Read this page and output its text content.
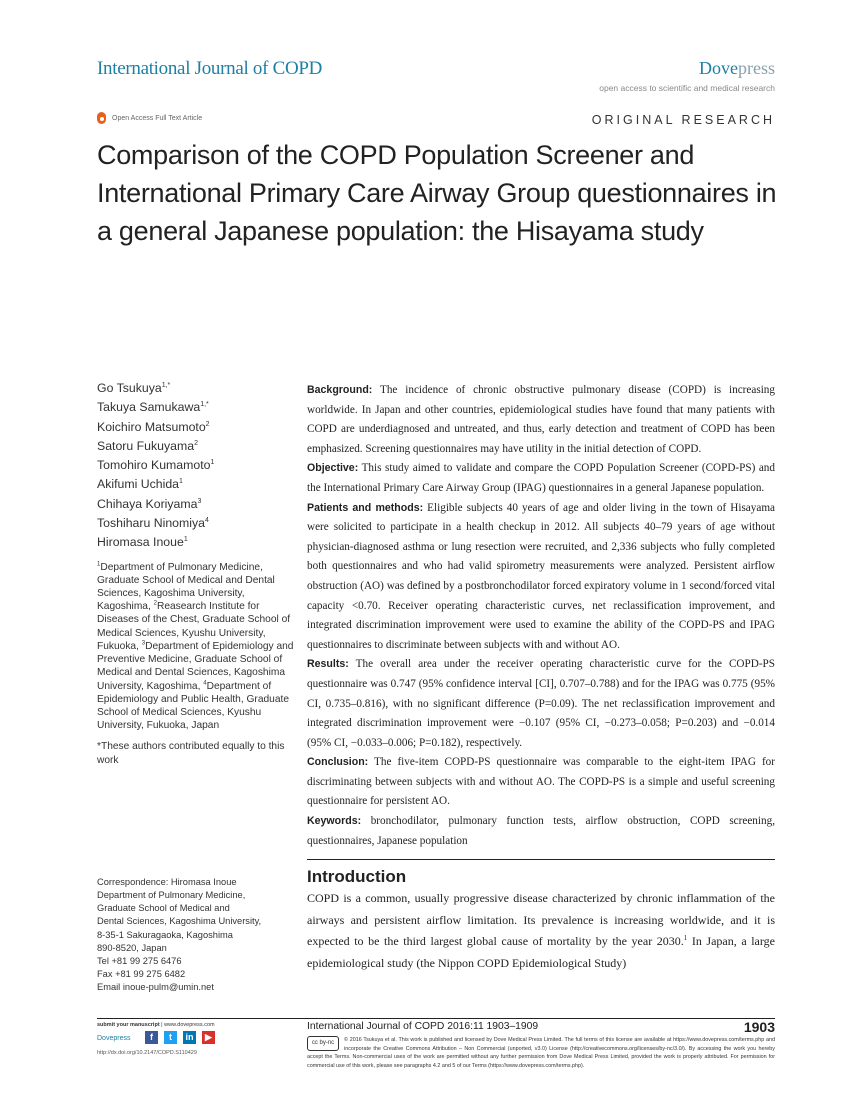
International Journal of COPD	Dovepress
open access to scientific and medical research
Open Access Full Text Article	ORIGINAL RESEARCH
Comparison of the COPD Population Screener and International Primary Care Airway Group questionnaires in a general Japanese population: the Hisayama study
Go Tsukuya$^{1,*}$
Takuya Samukawa$^{1,*}$
Koichiro Matsumoto$^2$
Satoru Fukuyama$^2$
Tomohiro Kumamoto$^1$
Akifumi Uchida$^1$
Chihaya Koriyama$^3$
Toshiharu Ninomiya$^4$
Hiromasa Inoue$^1$
$^1$Department of Pulmonary Medicine, Graduate School of Medical and Dental Sciences, Kagoshima University, Kagoshima, $^2$Reasearch Institute for Diseases of the Chest, Graduate School of Medical Sciences, Kyushu University, Fukuoka, $^3$Department of Epidemiology and Preventive Medicine, Graduate School of Medical and Dental Sciences, Kagoshima University, Kagoshima, $^4$Department of Epidemiology and Public Health, Graduate School of Medical Sciences, Kyushu University, Fukuoka, Japan
*These authors contributed equally to this work
Correspondence: Hiromasa Inoue
Department of Pulmonary Medicine,
Graduate School of Medical and
Dental Sciences, Kagoshima University,
8-35-1 Sakuragaoka, Kagoshima
890-8520, Japan
Tel +81 99 275 6476
Fax +81 99 275 6482
Email inoue-pulm@umin.net

Background: The incidence of chronic obstructive pulmonary disease (COPD) is increasing worldwide. In Japan and other countries, epidemiological studies have found that many patients with COPD are underdiagnosed and untreated, and thus, early detection and treatment of COPD has been emphasized. Screening questionnaires may have utility in the initial detection of COPD.

Objective: This study aimed to validate and compare the COPD Population Screener (COPD-PS) and the International Primary Care Airway Group (IPAG) questionnaires in a general Japanese population.

Patients and methods: Eligible subjects 40 years of age and older living in the town of Hisayama were solicited to participate in a health checkup in 2012. All subjects 40–79 years of age without physician-diagnosed asthma or lung resection were recruited, and 2,336 subjects who fully completed both questionnaires and who had valid spirometry measurements were analyzed. Persistent airflow obstruction (AO) was defined by a postbronchodilator forced expiratory volume in 1 second/forced vital capacity <0.70. Receiver operating characteristic curves, net reclassification improvement, and integrated discrimination improvement were used to examine the ability of the COPD-PS and IPAG questionnaires to discriminate between subjects with and without AO.

Results: The overall area under the receiver operating characteristic curve for the COPD-PS questionnaire was 0.747 (95% confidence interval [CI], 0.707–0.788) and for the IPAG was 0.775 (95% CI, 0.735–0.816), with no significant difference (P=0.09). The net reclassification improvement and integrated discrimination improvement were −0.107 (95% CI, −0.273–0.058; P=0.203) and −0.014 (95% CI, −0.033–0.006; P=0.182), respectively.

Conclusion: The five-item COPD-PS questionnaire was comparable to the eight-item IPAG for discriminating between subjects with and without AO. The COPD-PS is a simple and useful screening questionnaire for persistent AO.

Keywords: bronchodilator, pulmonary function tests, airflow obstruction, COPD screening, questionnaires, Japanese population

Introduction
COPD is a common, usually progressive disease characterized by chronic inflammation of the airways and persistent airflow limitation. Its prevalence is increasing worldwide, and it is expected to be the third largest global cause of mortality by the year 2030.$^1$ In Japan, a large epidemiological study (the Nippon COPD Epidemiological Study)
submit your manuscript | www.dovepress.com
Dovepress	f	t	in	▶
http://dx.doi.org/10.2147/COPD.S110429
International Journal of COPD 2016:11 1903–1909	1903
cc by-nc	© 2016 Tsukuya et al. This work is published and licensed by Dove Medical Press Limited. The full terms of this license are available at https://www.dovepress.com/terms.php and incorporate the Creative Commons Attribution – Non Commercial (unported, v3.0) License (http://creativecommons.org/licenses/by-nc/3.0/). By accessing the work you hereby accept the Terms. Non-commercial uses of the work are permitted without any further permission from Dove Medical Press Limited, provided the work is properly attributed. For permission for commercial use of this work, please see paragraphs 4.2 and 5 of our Terms (https://www.dovepress.com/terms.php).
